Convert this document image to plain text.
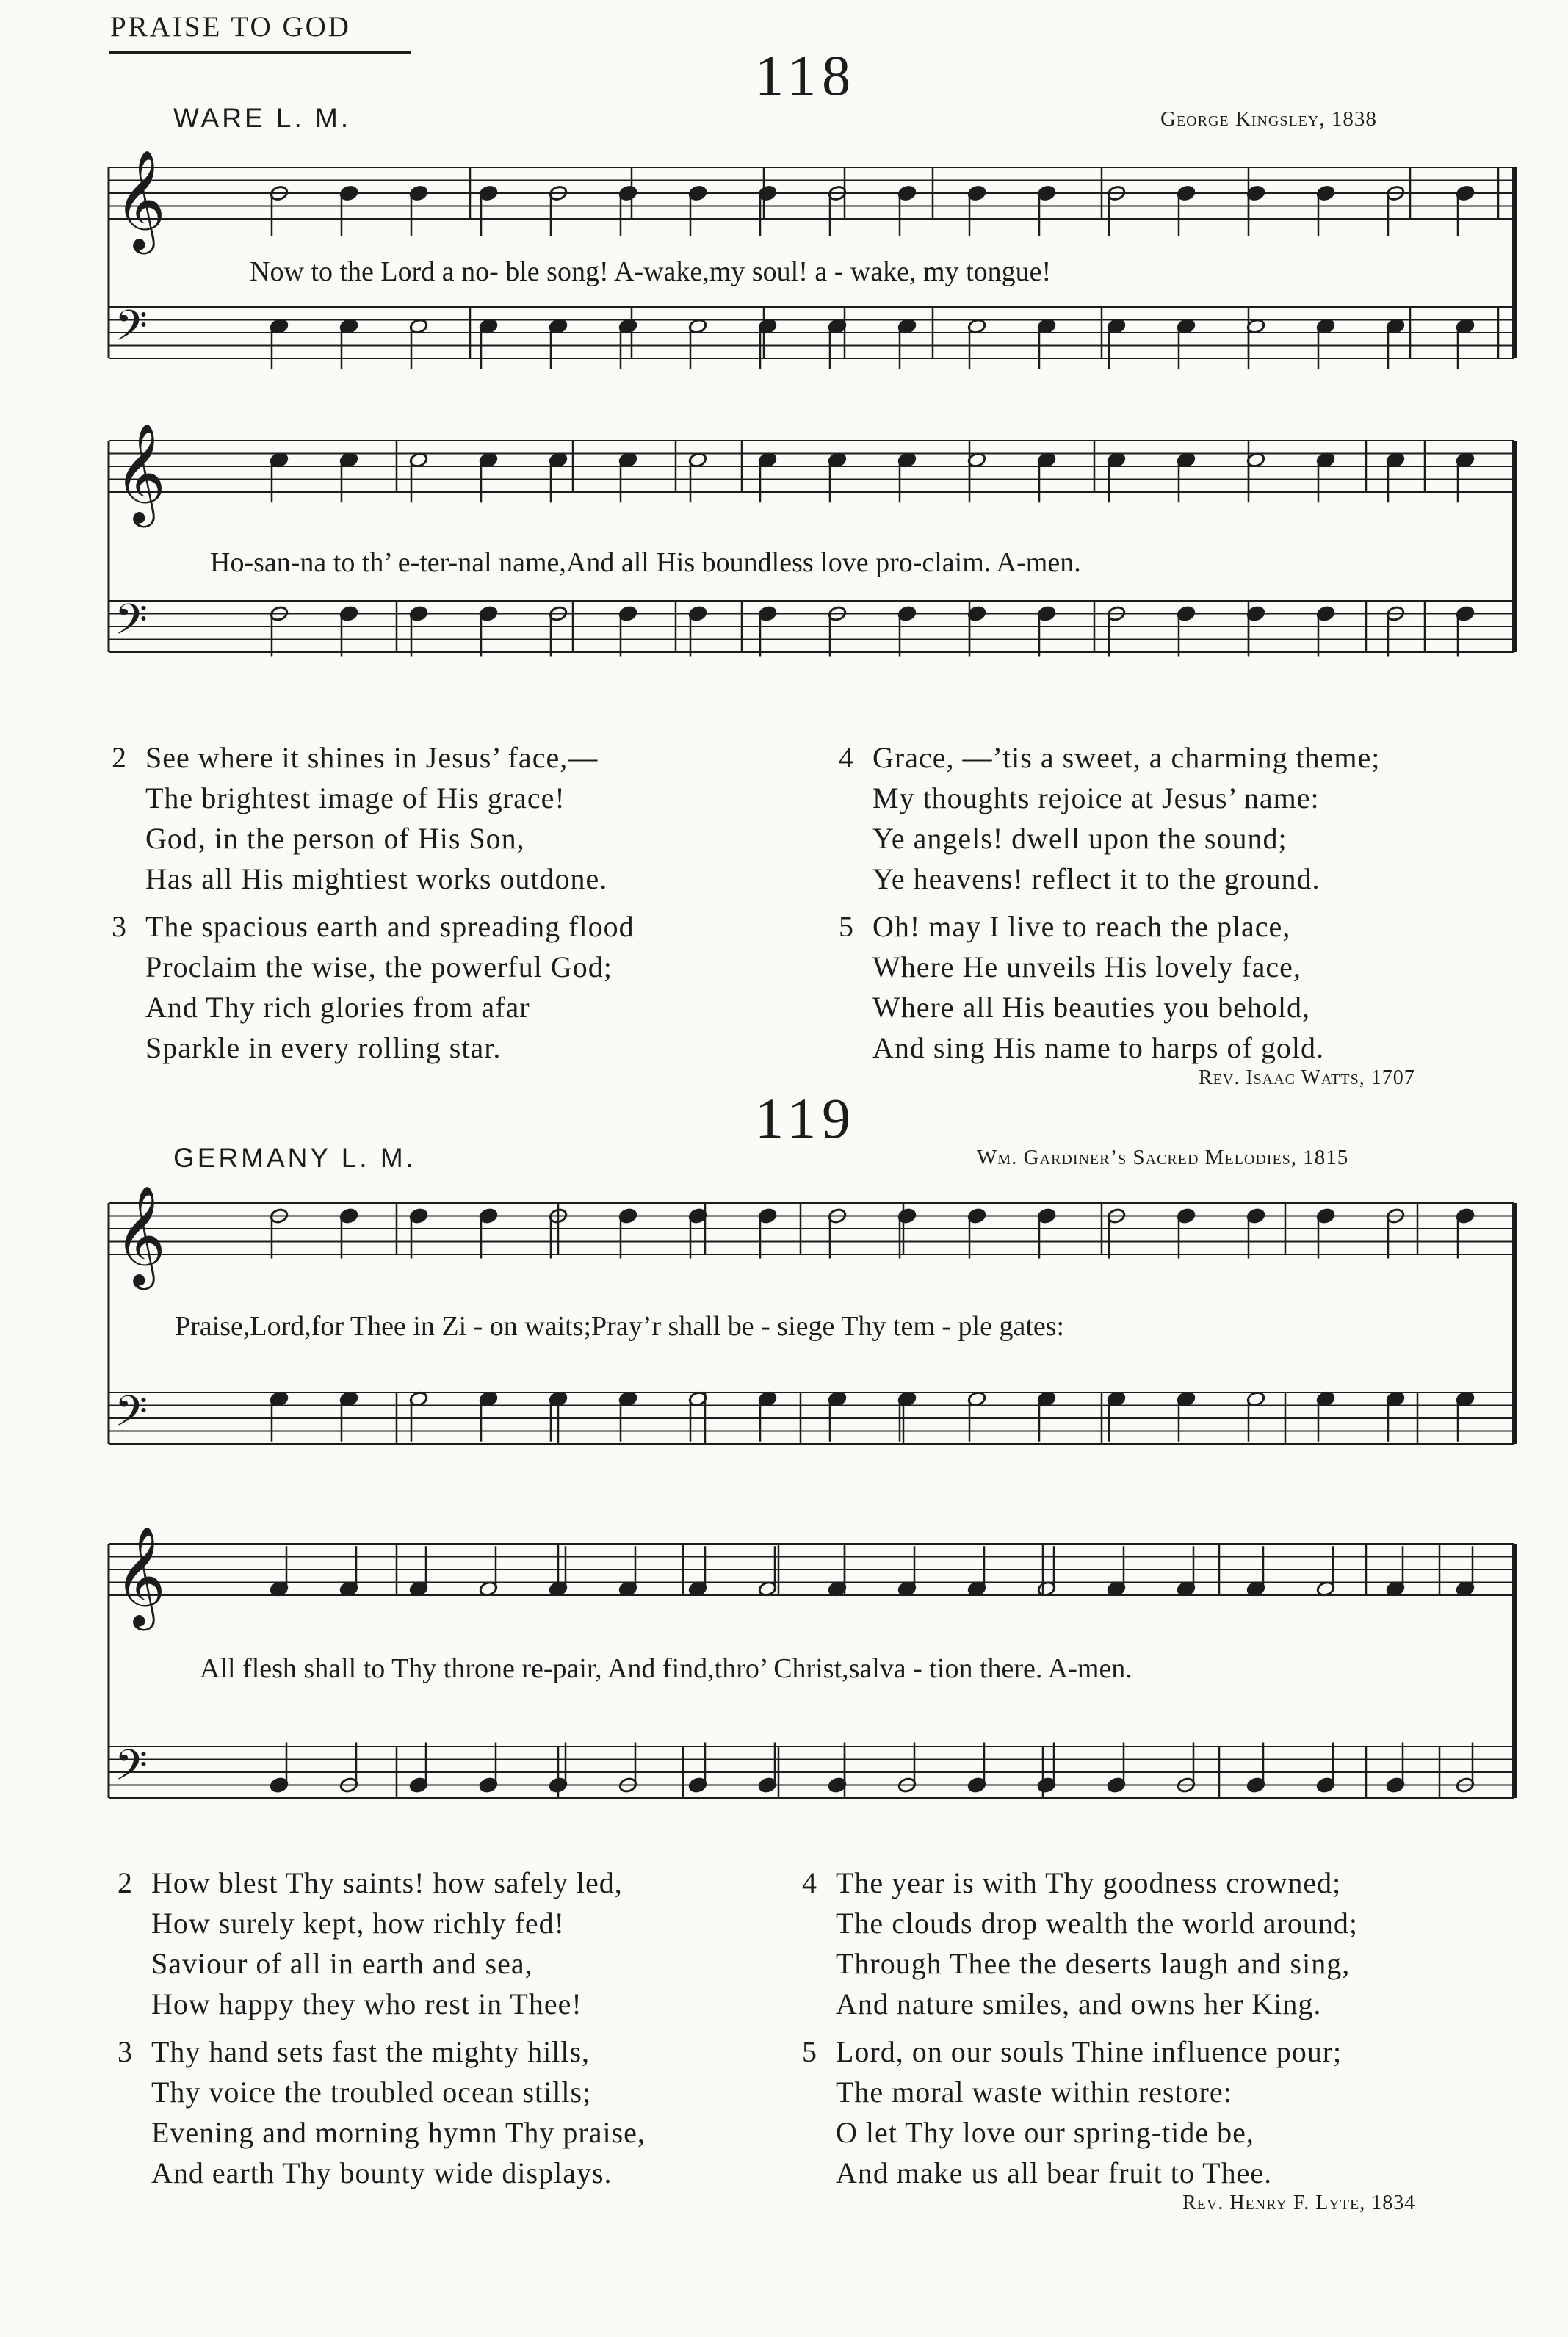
PRAISE TO GOD
118
WARE L. M.	George Kingsley, 1838
Now to the Lord a no- ble song! A-wake,my soul! a - wake, my tongue!
Ho-san-na to th’ e-ter-nal name,And all His boundless love pro-claim. A-men.
2 See where it shines in Jesus’ face,—
The brightest image of His grace!
God, in the person of His Son,
Has all His mightiest works outdone.
3 The spacious earth and spreading flood
Proclaim the wise, the powerful God;
And Thy rich glories from afar
Sparkle in every rolling star.
4 Grace, —’tis a sweet, a charming theme;
My thoughts rejoice at Jesus’ name:
Ye angels! dwell upon the sound;
Ye heavens! reflect it to the ground.
5 Oh! may I live to reach the place,
Where He unveils His lovely face,
Where all His beauties you behold,
And sing His name to harps of gold.
Rev. Isaac Watts, 1707
119
GERMANY L. M.	Wm. Gardiner’s Sacred Melodies, 1815
Praise,Lord,for Thee in Zi - on waits;Pray’r shall be - siege Thy tem - ple gates:
All flesh shall to Thy throne re-pair, And find,thro’ Christ,salva - tion there. A-men.
2 How blest Thy saints! how safely led,
How surely kept, how richly fed!
Saviour of all in earth and sea,
How happy they who rest in Thee!
3 Thy hand sets fast the mighty hills,
Thy voice the troubled ocean stills;
Evening and morning hymn Thy praise,
And earth Thy bounty wide displays.
4 The year is with Thy goodness crowned;
The clouds drop wealth the world around;
Through Thee the deserts laugh and sing,
And nature smiles, and owns her King.
5 Lord, on our souls Thine influence pour;
The moral waste within restore:
O let Thy love our spring-tide be,
And make us all bear fruit to Thee.
Rev. Henry F. Lyte, 1834
𝄞
𝄢
𝄞
𝄢
𝄞
𝄢
𝄞
𝄢
